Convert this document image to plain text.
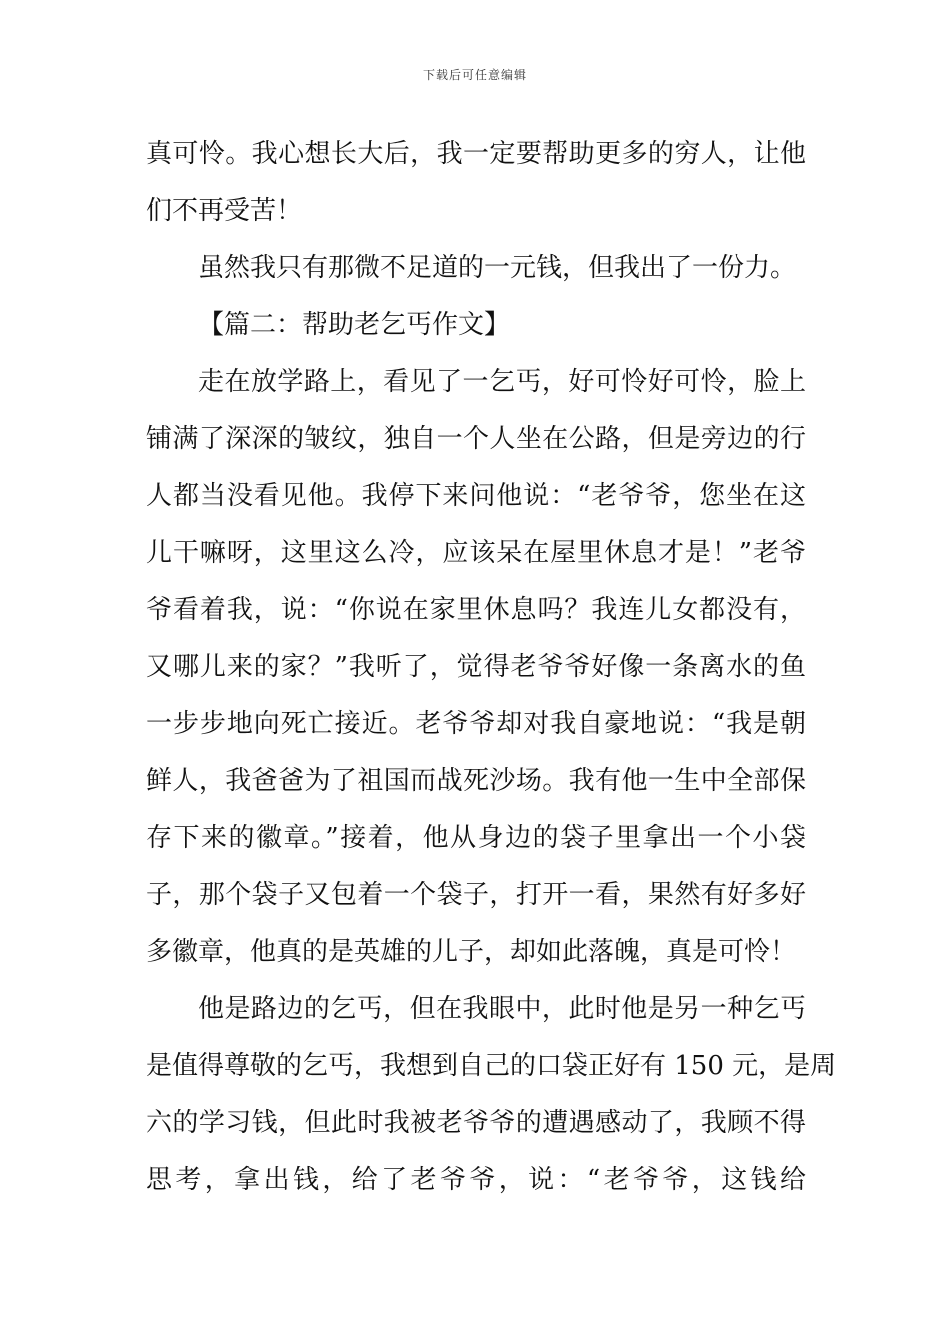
下载后可任意编辑
真可怜。我心想长大后，我一定要帮助更多的穷人，让他
们不再受苦！
虽然我只有那微不足道的一元钱，但我出了一份力。
【篇二：帮助老乞丐作文】
走在放学路上，看见了一乞丐，好可怜好可怜，脸上
铺满了深深的皱纹，独自一个人坐在公路，但是旁边的行
人都当没看见他。我停下来问他说：“老爷爷，您坐在这
儿干嘛呀，这里这么冷，应该呆在屋里休息才是！”老爷
爷看着我，说：“你说在家里休息吗？我连儿女都没有，
又哪儿来的家？”我听了，觉得老爷爷好像一条离水的鱼
一步步地向死亡接近。老爷爷却对我自豪地说：“我是朝
鲜人，我爸爸为了祖国而战死沙场。我有他一生中全部保
存下来的徽章。”接着，他从身边的袋子里拿出一个小袋
子，那个袋子又包着一个袋子，打开一看，果然有好多好
多徽章，他真的是英雄的儿子，却如此落魄，真是可怜！
他是路边的乞丐，但在我眼中，此时他是另一种乞丐
是值得尊敬的乞丐，我想到自己的口袋正好有 150 元，是周
六的学习钱，但此时我被老爷爷的遭遇感动了，我顾不得
思考，拿出钱，给了老爷爷，说：“老爷爷，这钱给
